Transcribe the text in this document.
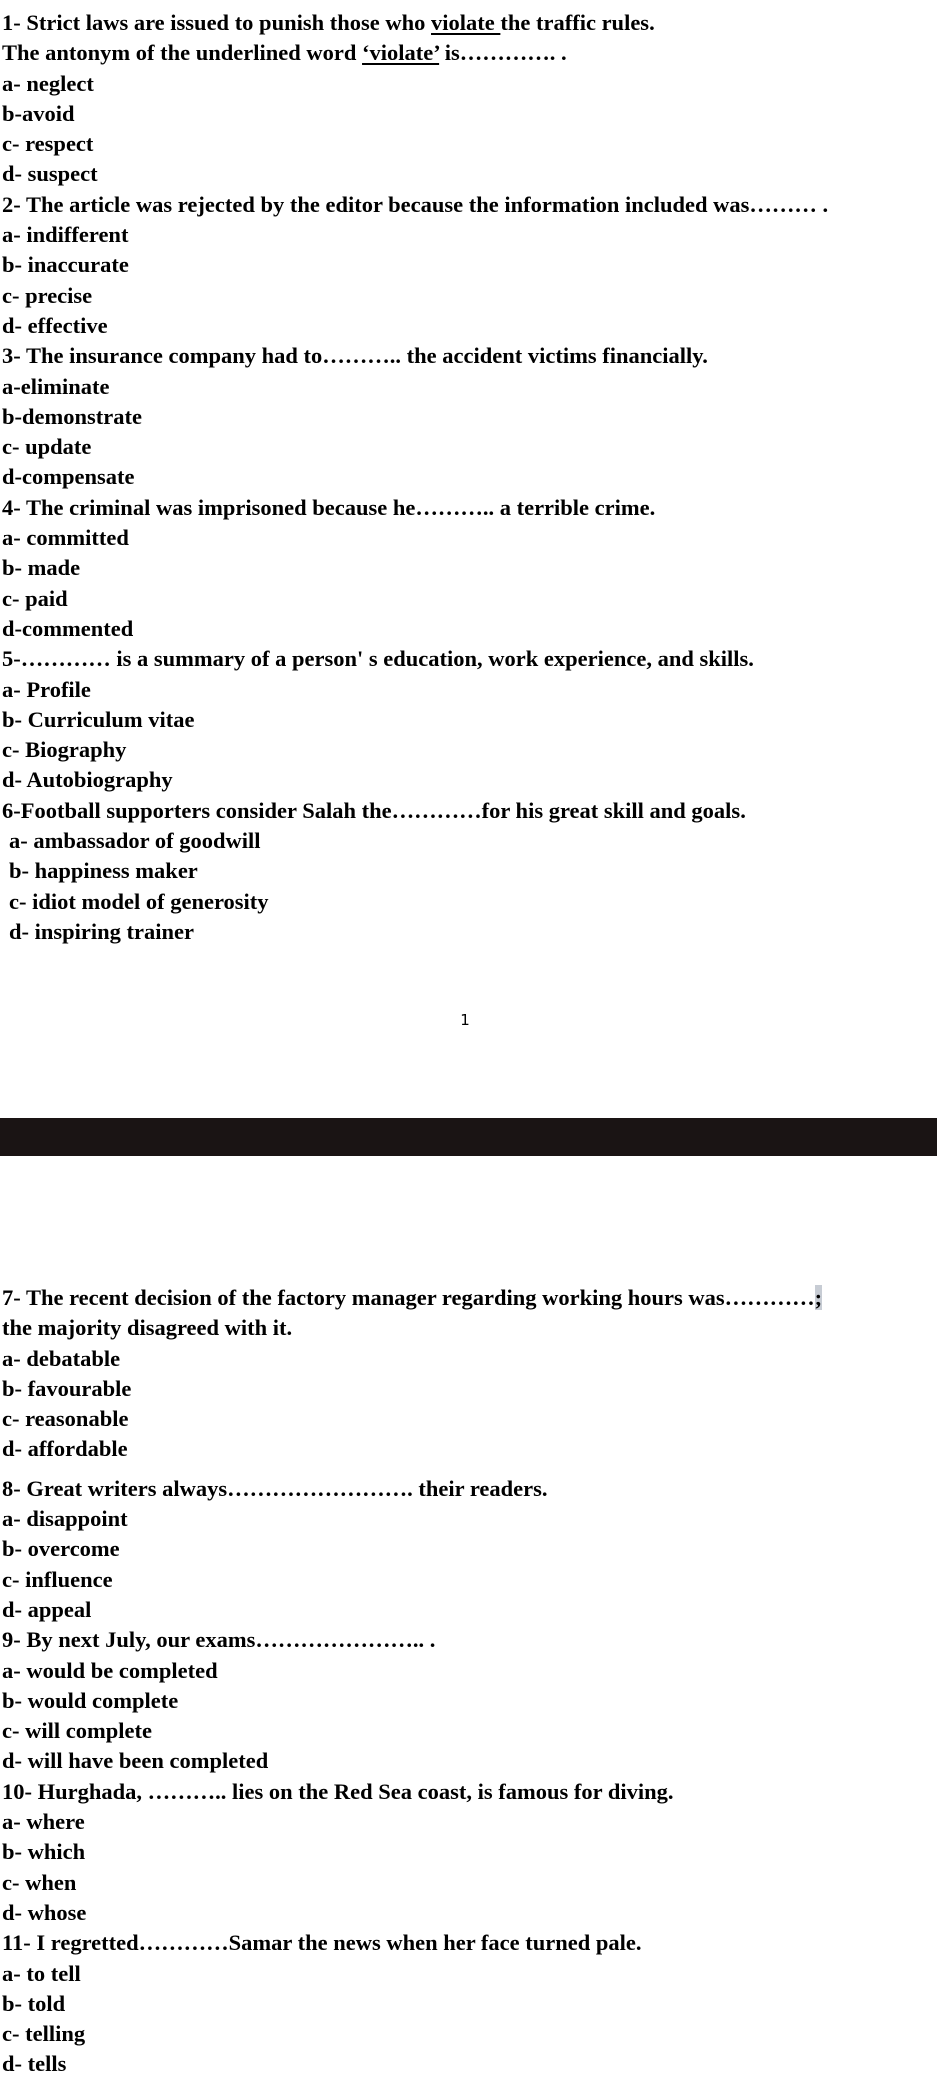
1- Strict laws are issued to punish those who violate the traffic rules.
The antonym of the underlined word ‘violate’ is…………. .
a- neglect
b-avoid
c- respect
d- suspect
2- The article was rejected by the editor because the information included was……… .
a- indifferent
b- inaccurate
c- precise
d- effective
3- The insurance company had to……….. the accident victims financially.
a-eliminate
b-demonstrate
c- update
d-compensate
4- The criminal was imprisoned because he……….. a terrible crime.
a- committed
b- made
c- paid
d-commented
5-………… is a summary of a person' s education, work experience, and skills.
a- Profile
b- Curriculum vitae
c- Biography
d- Autobiography
6-Football supporters consider Salah the…………for his great skill and goals.
a- ambassador of goodwill
b- happiness maker
c- idiot model of generosity
d- inspiring trainer
1
7- The recent decision of the factory manager regarding working hours was…………;
the majority disagreed with it.
a- debatable
b- favourable
c- reasonable
d- affordable
8- Great writers always……………………. their readers.
a- disappoint
b- overcome
c- influence
d- appeal
9- By next July, our exams………………….. .
a- would be completed
b- would complete
c- will complete
d- will have been completed
10- Hurghada, ……….. lies on the Red Sea coast, is famous for diving.
a- where
b- which
c- when
d- whose
11- I regretted…………Samar the news when her face turned pale.
a- to tell
b- told
c- telling
d- tells
